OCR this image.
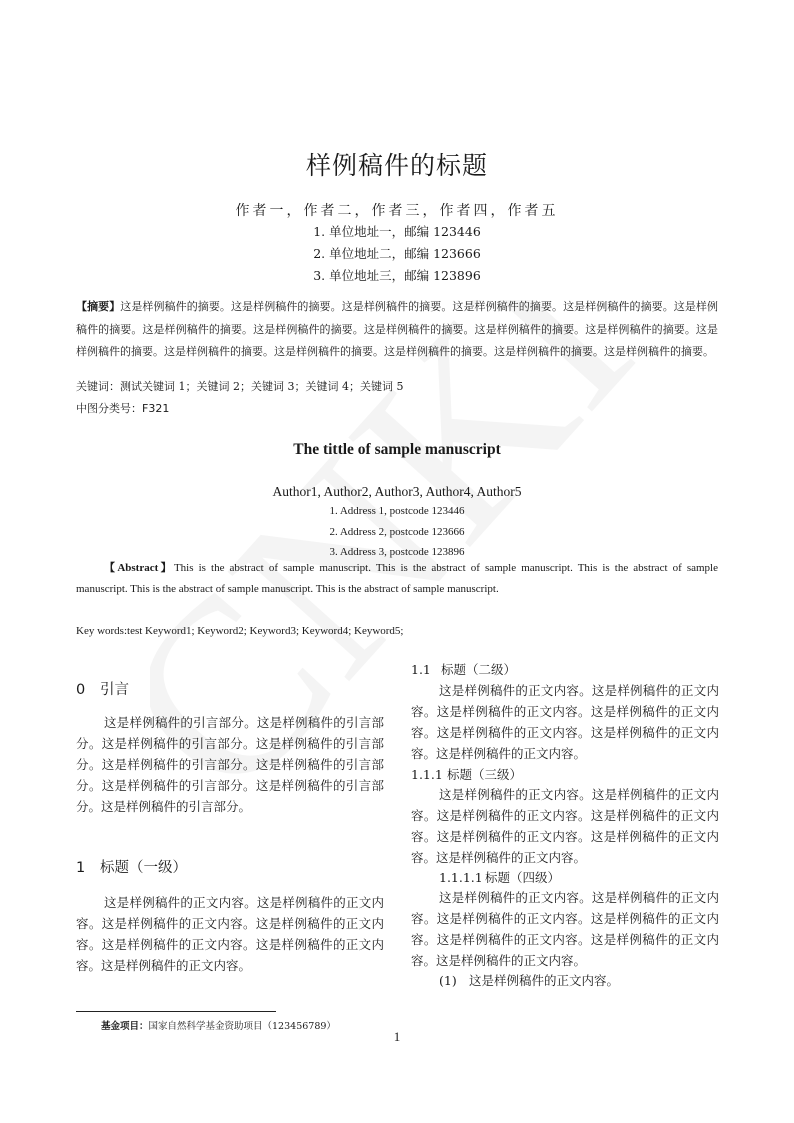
CNKI
样例稿件的标题
作者一，作者二，作者三，作者四，作者五
1. 单位地址一，邮编 123446
2. 单位地址二，邮编 123666
3. 单位地址三，邮编 123896
【摘要】这是样例稿件的摘要。这是样例稿件的摘要。这是样例稿件的摘要。这是样例稿件的摘要。这是样例稿件的摘要。这是样例稿件的摘要。这是样例稿件的摘要。这是样例稿件的摘要。这是样例稿件的摘要。这是样例稿件的摘要。这是样例稿件的摘要。这是样例稿件的摘要。这是样例稿件的摘要。这是样例稿件的摘要。这是样例稿件的摘要。这是样例稿件的摘要。这是样例稿件的摘要。
关键词：测试关键词 1；关键词 2；关键词 3；关键词 4；关键词 5
中图分类号：F321
The tittle of sample manuscript
Author1, Author2, Author3, Author4, Author5
1. Address 1, postcode 123446
2. Address 2, postcode 123666
3. Address 3, postcode 123896
【Abstract】This is the abstract of sample manuscript. This is the abstract of sample manuscript. This is the abstract of sample manuscript. This is the abstract of sample manuscript. This is the abstract of sample manuscript.
Key words:test Keyword1; Keyword2; Keyword3; Keyword4; Keyword5;
0 引言
这是样例稿件的引言部分。这是样例稿件的引言部分。这是样例稿件的引言部分。这是样例稿件的引言部分。这是样例稿件的引言部分。这是样例稿件的引言部分。这是样例稿件的引言部分。这是样例稿件的引言部分。这是样例稿件的引言部分。
1 标题（一级）
这是样例稿件的正文内容。这是样例稿件的正文内容。这是样例稿件的正文内容。这是样例稿件的正文内容。这是样例稿件的正文内容。这是样例稿件的正文内容。这是样例稿件的正文内容。
1.1 标题（二级）
这是样例稿件的正文内容。这是样例稿件的正文内容。这是样例稿件的正文内容。这是样例稿件的正文内容。这是样例稿件的正文内容。这是样例稿件的正文内容。这是样例稿件的正文内容。
1.1.1 标题（三级）
这是样例稿件的正文内容。这是样例稿件的正文内容。这是样例稿件的正文内容。这是样例稿件的正文内容。这是样例稿件的正文内容。这是样例稿件的正文内容。这是样例稿件的正文内容。
1.1.1.1 标题（四级）
这是样例稿件的正文内容。这是样例稿件的正文内容。这是样例稿件的正文内容。这是样例稿件的正文内容。这是样例稿件的正文内容。这是样例稿件的正文内容。这是样例稿件的正文内容。
(1) 这是样例稿件的正文内容。
基金项目：国家自然科学基金资助项目（123456789）
1
